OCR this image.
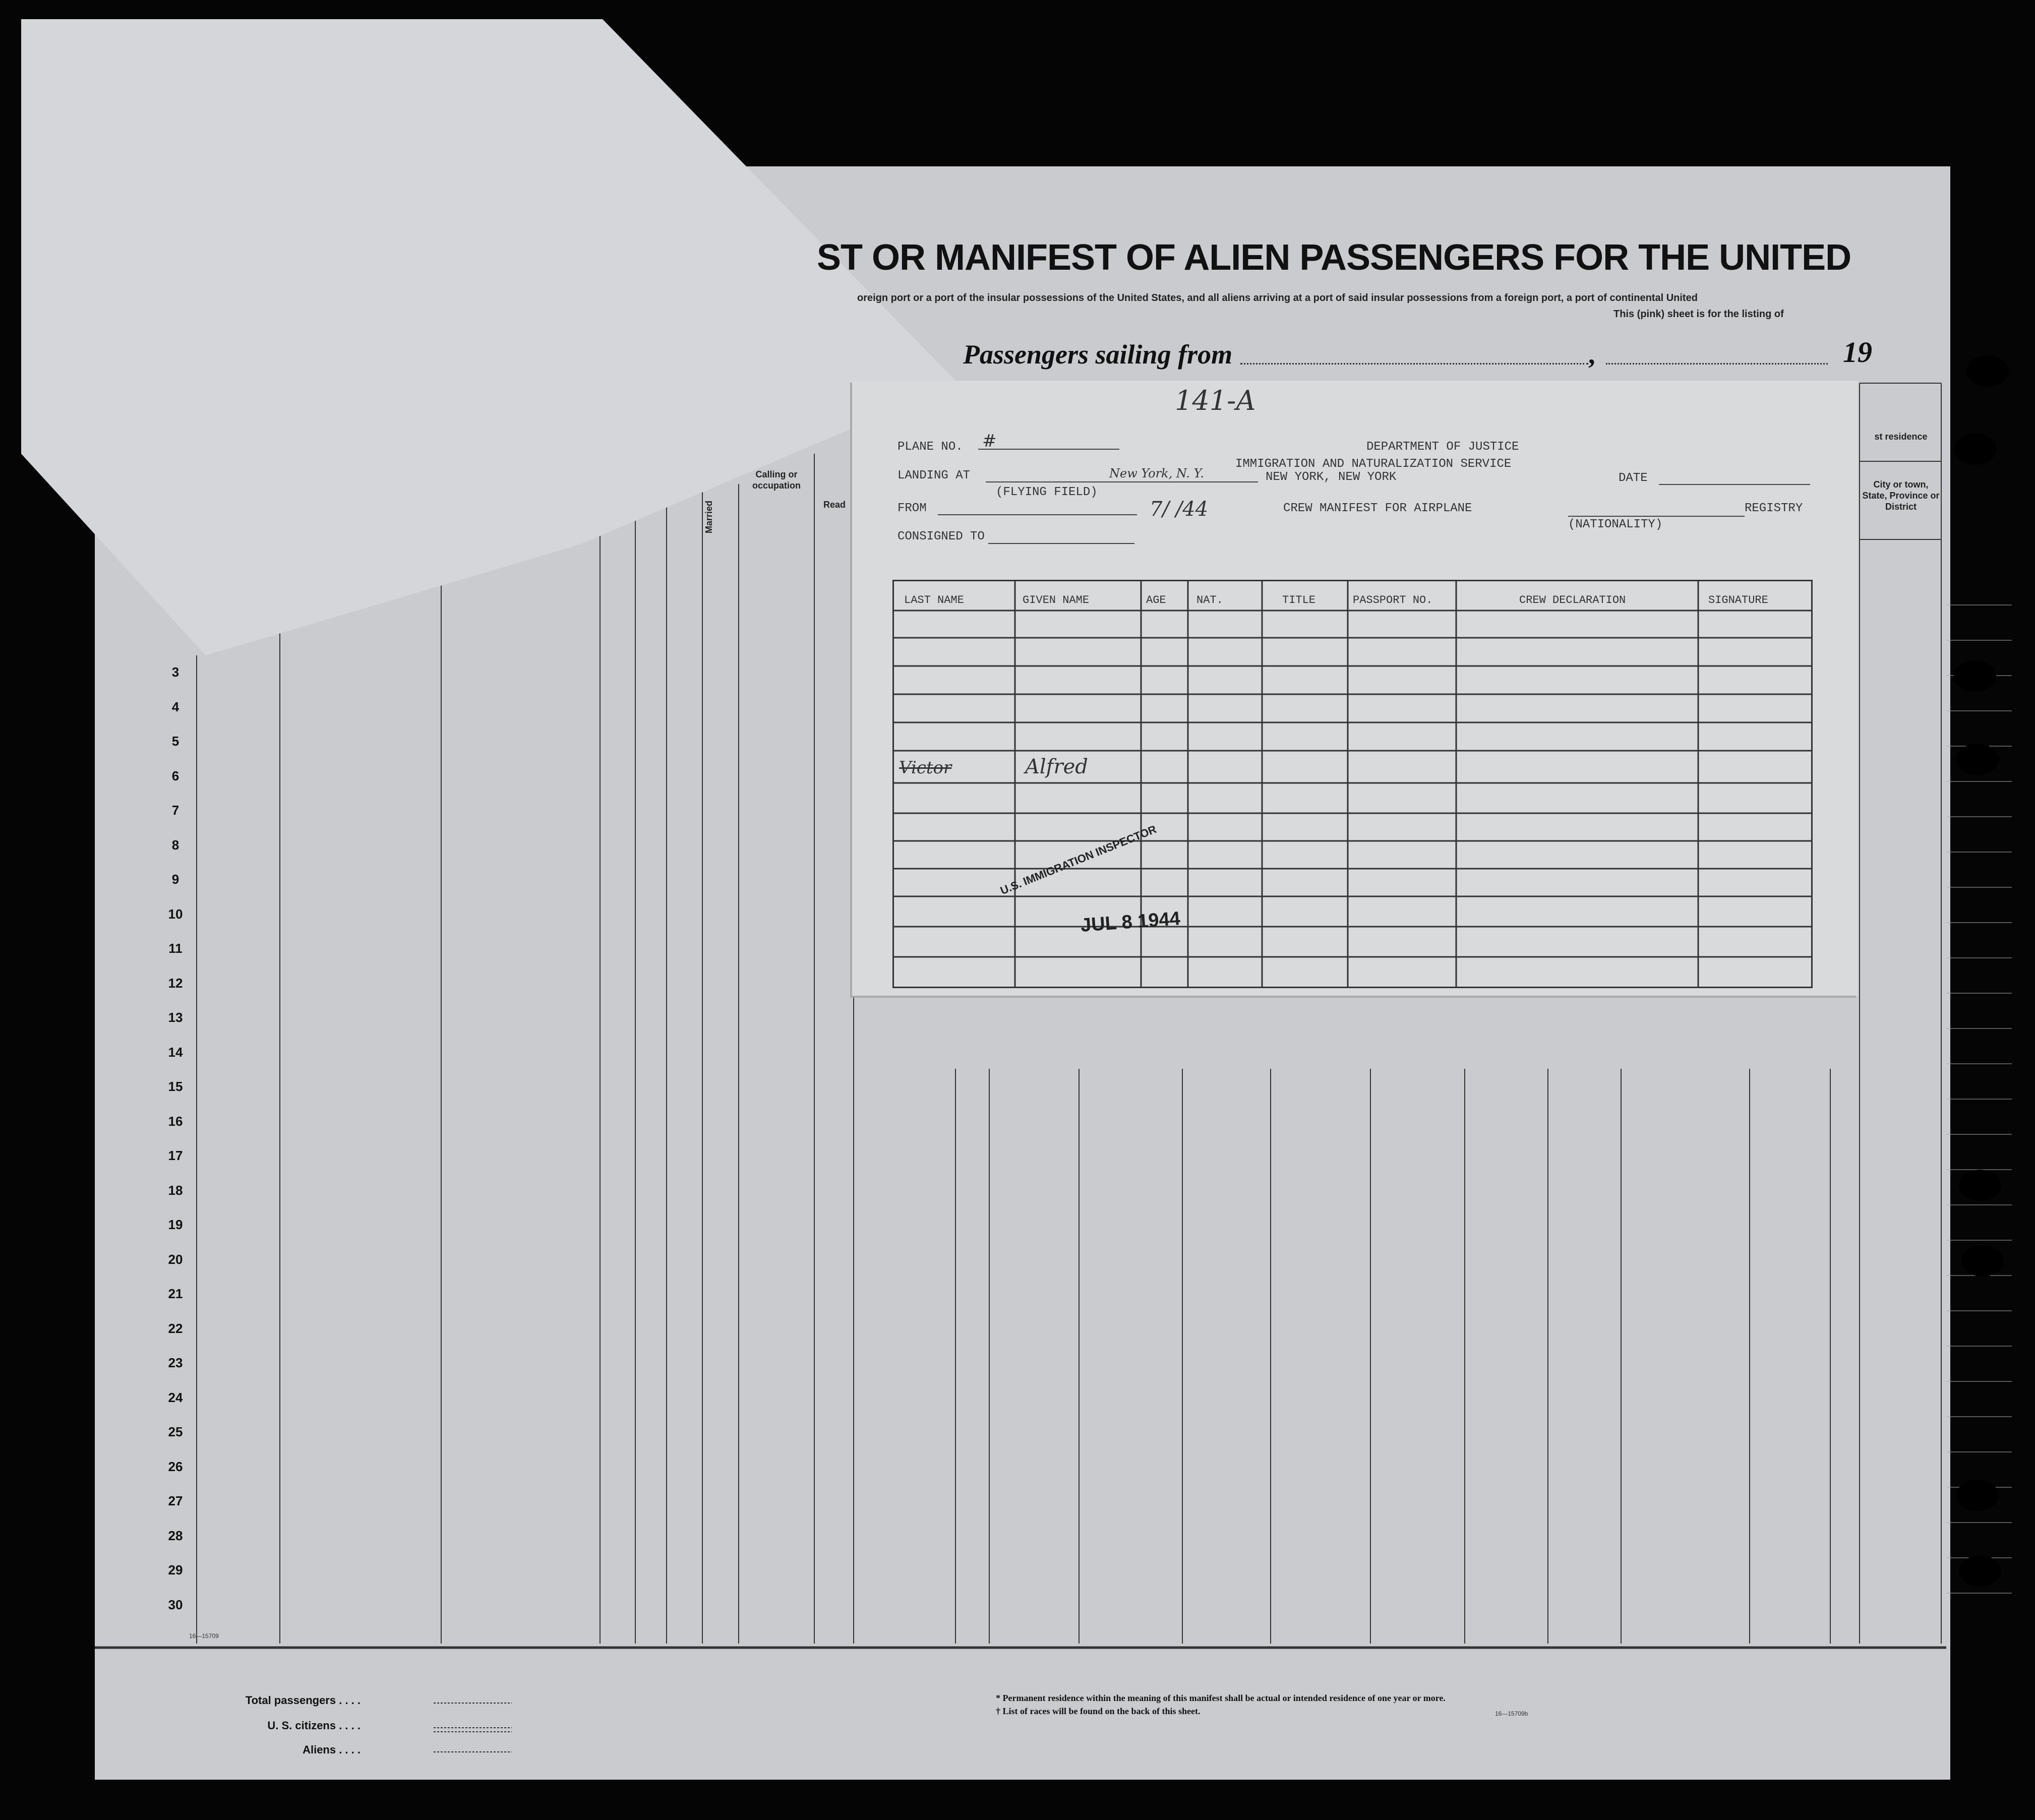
ST OR MANIFEST OF ALIEN PASSENGERS FOR THE UNITED
oreign port or a port of the insular possessions of the United States, and all aliens arriving at a port of said insular possessions from a foreign port, a port of continental United
This (pink) sheet is for the listing of
Passengers sailing from	,	19
Calling or occupation
Married	Read
st residence
City or town, State, Province or District
3
4
5
6
7
8
9
10
11
12
13
14
15
16
17
18
19
20
21
22
23
24
25
26
27
28
29
30
16—15709
141-A
PLANE NO. #	DEPARTMENT OF JUSTICE
IMMIGRATION AND NATURALIZATION SERVICE
NEW YORK, NEW YORK
LANDING AT	New York, N. Y.
(FLYING FIELD)
DATE
FROM	7/ /44	CREW MANIFEST FOR AIRPLANE
(NATIONALITY)
REGISTRY
CONSIGNED TO
LAST NAME	GIVEN NAME	AGE	NAT.	TITLE	PASSPORT NO.	CREW DECLARATION	SIGNATURE
Victor	Alfred
U.S. IMMIGRATION INSPECTOR
JUL 8 1944
Total passengers . . . .
U. S. citizens . . . .
Aliens . . . .
* Permanent residence within the meaning of this manifest shall be actual or intended residence of one year or more.
† List of races will be found on the back of this sheet.	16—15709b
